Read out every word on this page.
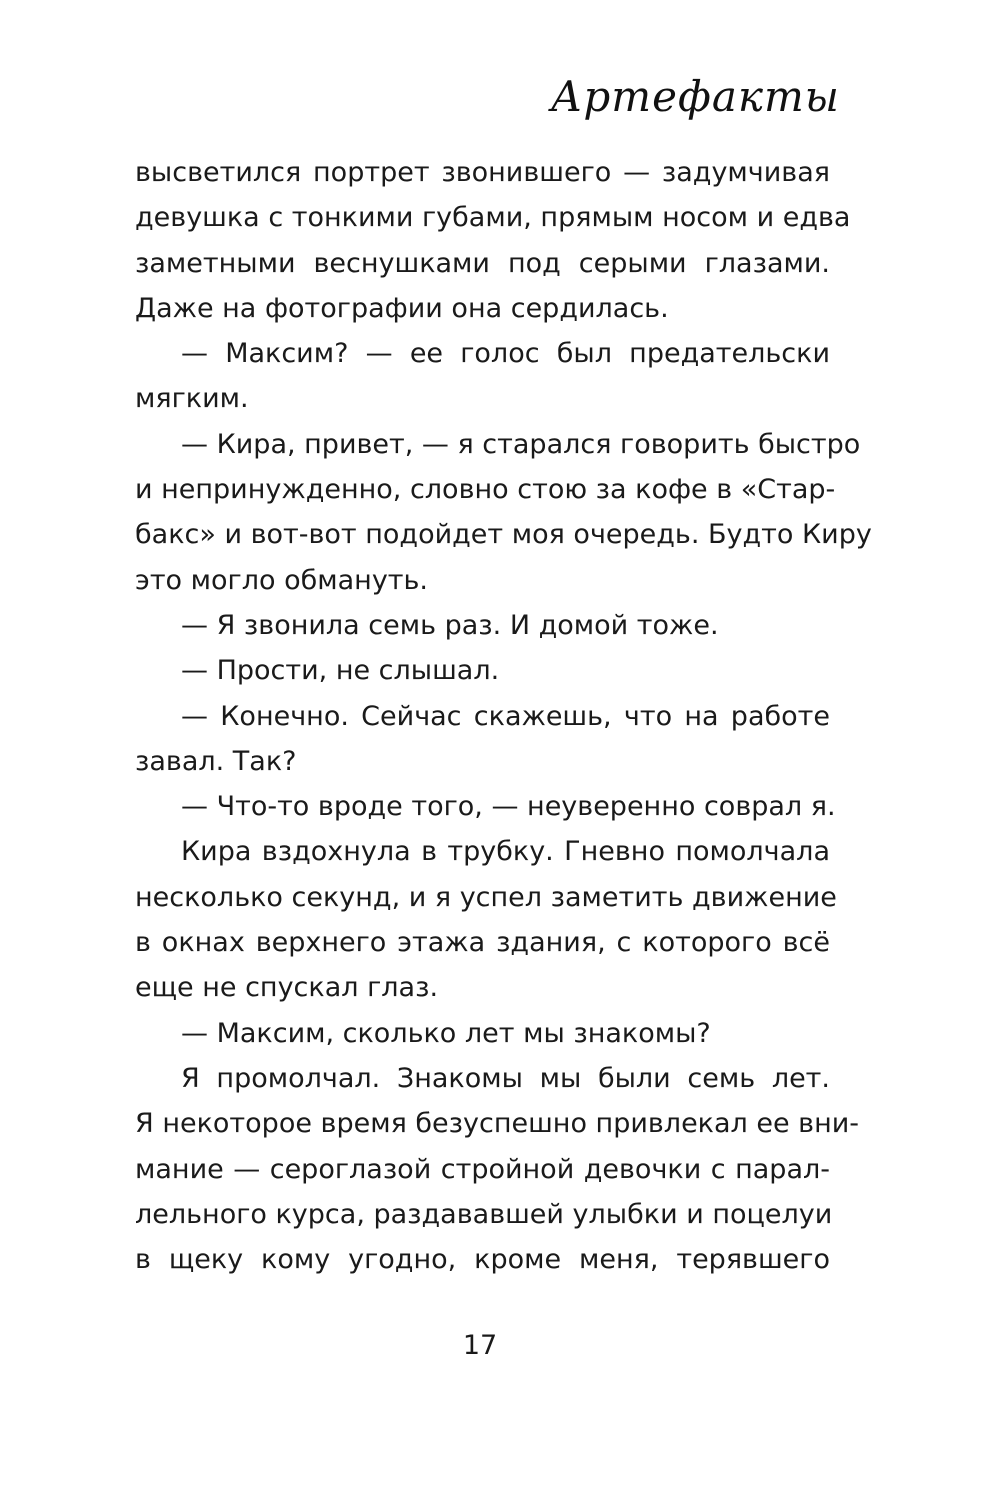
Артефакты
высветился портрет звонившего — задумчивая
девушка с тонкими губами, прямым носом и едва
заметными веснушками под серыми глазами.
Даже на фотографии она сердилась.
— Максим? — ее голос был предательски
мягким.
— Кира, привет, — я старался говорить быстро
и непринужденно, словно стою за кофе в «Стар-
бакс» и вот-вот подойдет моя очередь. Будто Киру
это могло обмануть.
— Я звонила семь раз. И домой тоже.
— Прости, не слышал.
— Конечно. Сейчас скажешь, что на работе
завал. Так?
— Что-то вроде того, — неуверенно соврал я.
Кира вздохнула в трубку. Гневно помолчала
несколько секунд, и я успел заметить движение
в окнах верхнего этажа здания, с которого всё
еще не спускал глаз.
— Максим, сколько лет мы знакомы?
Я промолчал. Знакомы мы были семь лет.
Я некоторое время безуспешно привлекал ее вни-
мание — сероглазой стройной девочки с парал-
лельного курса, раздававшей улыбки и поцелуи
в щеку кому угодно, кроме меня, терявшего
17
